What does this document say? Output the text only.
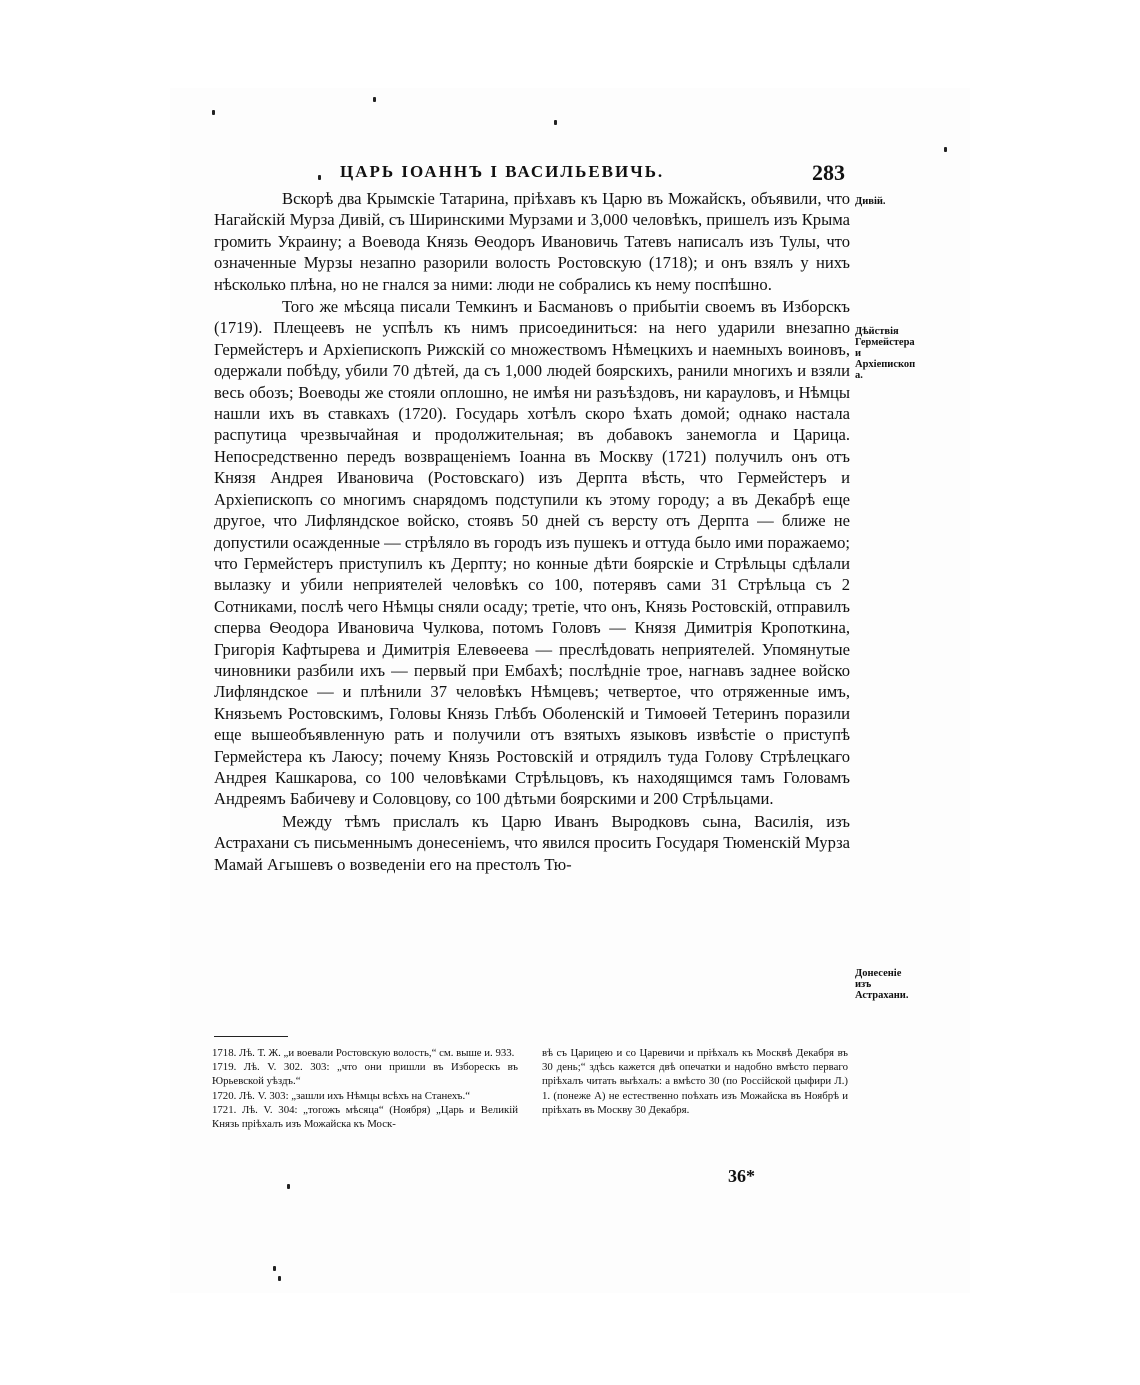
ЦАРЬ ІОАННЪ І ВАСИЛЬЕВИЧЬ.	283

Вскорѣ два Крымскіе Татарина, пріѣхавъ къ Царю въ Можайскъ, объявили, что Нагайскій Мурза Дивій, съ Ширинскими Мурзами и 3,000 человѣкъ, пришелъ изъ Крыма громить Украину; а Воевода Князь Ѳеодоръ Ивановичь Татевъ написалъ изъ Тулы, что означенные Мурзы незапно разорили волость Ростовскую (1718); и онъ взялъ у нихъ нѣсколько плѣна, но не гнался за ними: люди не собрались къ нему поспѣшно.

Того же мѣсяца писали Темкинъ и Басмановъ о прибытіи своемъ въ Изборскъ (1719). Плещеевъ не успѣлъ къ нимъ присоединиться: на него ударили внезапно Гермейстеръ и Архіепископъ Рижскій со множествомъ Нѣмецкихъ и наемныхъ воиновъ, одержали побѣду, убили 70 дѣтей, да съ 1,000 людей боярскихъ, ранили многихъ и взяли весь обозъ; Воеводы же стояли оплошно, не имѣя ни разъѣздовъ, ни карауловъ, и Нѣмцы нашли ихъ въ ставкахъ (1720). Государь хотѣлъ скоро ѣхать домой; однако настала распутица чрезвычайная и продолжительная; въ добавокъ занемогла и Царица. Непосредственно передъ возвращеніемъ Іоанна въ Москву (1721) получилъ онъ отъ Князя Андрея Ивановича (Ростовскаго) изъ Дерпта вѣсть, что Гермейстеръ и Архіепископъ со многимъ снарядомъ подступили къ этому городу; а въ Декабрѣ еще другое, что Лифляндское войско, стоявъ 50 дней съ версту отъ Дерпта — ближе не допустили осажденные — стрѣляло въ городъ изъ пушекъ и оттуда было ими поражаемо; что Гермейстеръ приступилъ къ Дерпту; но конные дѣти боярскіе и Стрѣльцы сдѣлали вылазку и убили неприятелей человѣкъ со 100, потерявъ сами 31 Стрѣльца съ 2 Сотниками, послѣ чего Нѣмцы сняли осаду; третіе, что онъ, Князь Ростовскій, отправилъ сперва Ѳеодора Ивановича Чулкова, потомъ Головъ — Князя Димитрія Кропоткина, Григорія Кафтырева и Димитрія Елевѳеева — преслѣдовать неприятелей. Упомянутые чиновники разбили ихъ — первый при Ембахѣ; послѣдніе трое, нагнавъ заднее войско Лифляндское — и плѣнили 37 человѣкъ Нѣмцевъ; четвертое, что отряженные имъ, Князьемъ Ростовскимъ, Головы Князь Глѣбъ Оболенскій и Тимоѳей Тетеринъ поразили еще вышеобъявленную рать и получили отъ взятыхъ языковъ извѣстіе о приступѣ Гермейстера къ Лаюсу; почему Князь Ростовскій и отрядилъ туда Голову Стрѣлецкаго Андрея Кашкарова, со 100 человѣками Стрѣльцовъ, къ находящимся тамъ Головамъ Андреямъ Бабичеву и Соловцову, со 100 дѣтьми боярскими и 200 Стрѣльцами.

Между тѣмъ прислалъ къ Царю Иванъ Выродковъ сына, Василія, изъ Астрахани съ письменнымъ донесеніемъ, что явился просить Государя Тюменскій Мурза Мамай Агышевъ о возведеніи его на престолъ Тю-

Дивій.
Дѣйствія Гермейстера и Архіепископа.
Донесеніе изъ Астрахани.

1718. Лѣ. Т. Ж. „и воевали Ростовскую волость,“ см. выше и. 933.

1719. Лѣ. V. 302. 303: „что они пришли въ Изборескъ въ Юрьевской уѣздъ.“

1720. Лѣ. V. 303: „зашли ихъ Нѣмцы всѣхъ на Станехъ.“

1721. Лѣ. V. 304: „тогожъ мѣсяца“ (Ноября) „Царь и Великій Князь пріѣхалъ изъ Можайска къ Моск-

вѣ съ Царицею и со Царевичи и пріѣхалъ къ Москвѣ Декабря въ 30 день;“ здѣсь кажется двѣ опечатки и надобно вмѣсто перваго пріѣхалъ читать выѣхалъ: а вмѣсто 30 (по Россійской цыфири Л.) 1. (понеже А) не естественно поѣхать изъ Можайска въ Ноябрѣ и пріѣхать въ Москву 30 Декабря.

36*
